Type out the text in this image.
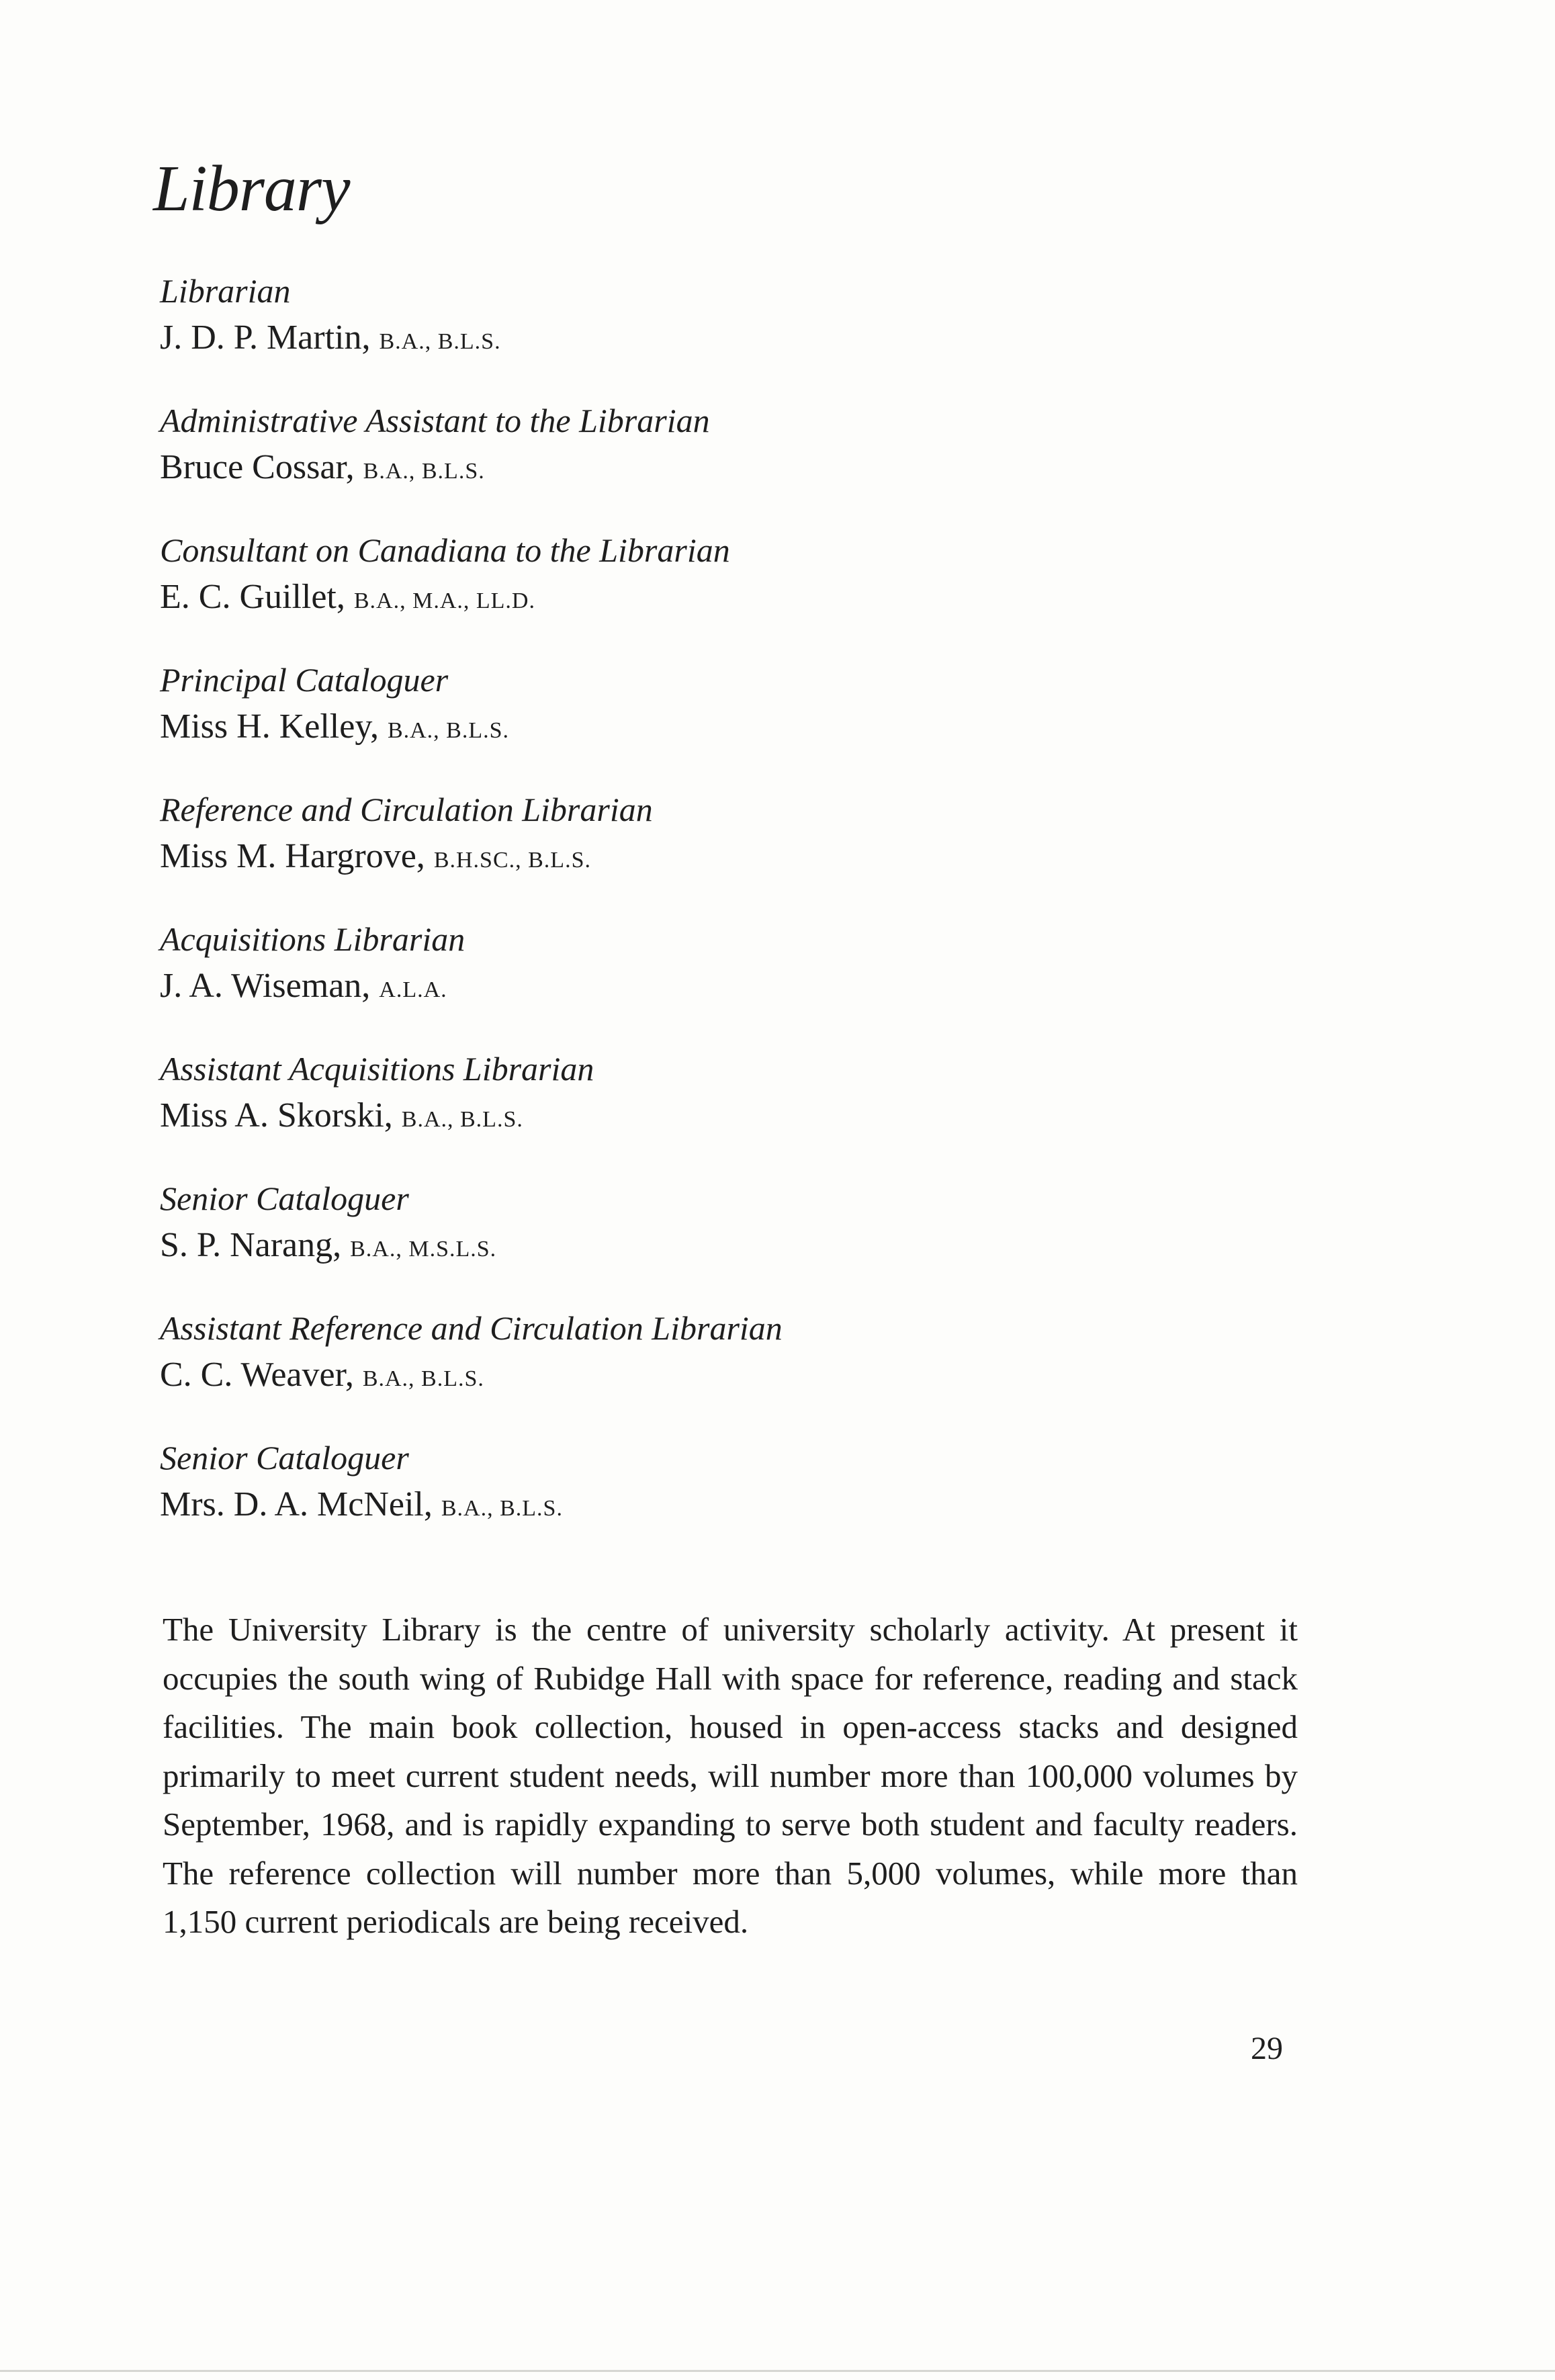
Library
Librarian
J. D. P. Martin, B.A., B.L.S.
Administrative Assistant to the Librarian
Bruce Cossar, B.A., B.L.S.
Consultant on Canadiana to the Librarian
E. C. Guillet, B.A., M.A., LL.D.
Principal Cataloguer
Miss H. Kelley, B.A., B.L.S.
Reference and Circulation Librarian
Miss M. Hargrove, B.H.SC., B.L.S.
Acquisitions Librarian
J. A. Wiseman, A.L.A.
Assistant Acquisitions Librarian
Miss A. Skorski, B.A., B.L.S.
Senior Cataloguer
S. P. Narang, B.A., M.S.L.S.
Assistant Reference and Circulation Librarian
C. C. Weaver, B.A., B.L.S.
Senior Cataloguer
Mrs. D. A. McNeil, B.A., B.L.S.

The University Library is the centre of university scholarly activity. At present it occupies the south wing of Rubidge Hall with space for reference, reading and stack facilities. The main book collection, housed in open-access stacks and designed primarily to meet current student needs, will number more than 100,000 volumes by September, 1968, and is rapidly expanding to serve both student and faculty readers. The reference collection will number more than 5,000 volumes, while more than 1,150 current periodicals are being received.

29
